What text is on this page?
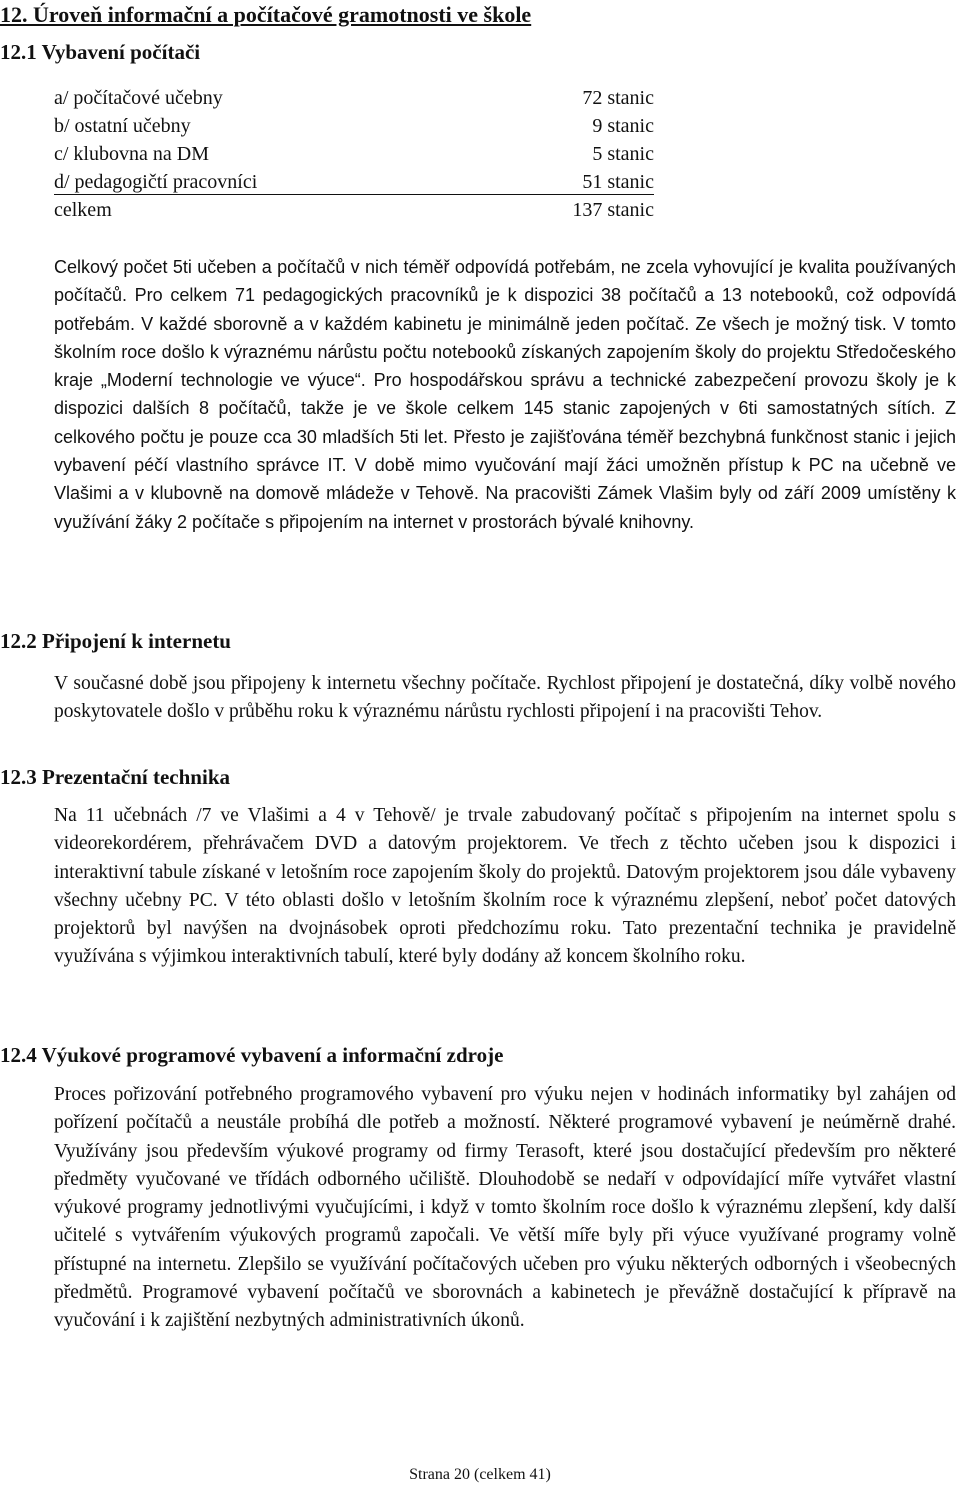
12. Úroveň informační a počítačové gramotnosti ve škole
12.1 Vybavení počítači
a/ počítačové učebny	72 stanic
b/ ostatní učebny	9 stanic
c/ klubovna na DM	5 stanic
d/ pedagogičtí pracovníci	51 stanic
celkem	137 stanic

Celkový počet 5ti učeben a počítačů v nich téměř odpovídá potřebám, ne zcela vyhovující je kvalita používaných počítačů. Pro celkem 71 pedagogických pracovníků je k dispozici 38 počítačů a 13 notebooků, což odpovídá potřebám. V každé sborovně a v každém kabinetu je minimálně jeden počítač. Ze všech je možný tisk. V tomto školním roce došlo k výraznému nárůstu počtu notebooků získaných zapojením školy do projektu Středočeského kraje „Moderní technologie ve výuce“. Pro hospodářskou správu a technické zabezpečení provozu školy je k dispozici dalších 8 počítačů, takže je ve škole celkem 145 stanic zapojených v 6ti samostatných sítích. Z celkového počtu je pouze cca 30 mladších 5ti let. Přesto je zajišťována téměř bezchybná funkčnost stanic i jejich vybavení péčí vlastního správce IT. V době mimo vyučování mají žáci umožněn přístup k PC na učebně ve Vlašimi a v klubovně na domově mládeže v Tehově. Na pracovišti Zámek Vlašim byly od září 2009 umístěny k využívání žáky 2 počítače s připojením na internet v prostorách bývalé knihovny.

12.2 Připojení k internetu

V současné době jsou připojeny k internetu všechny počítače. Rychlost připojení je dostatečná, díky volbě nového poskytovatele došlo v průběhu roku k výraznému nárůstu rychlosti připojení i na pracovišti Tehov.

12.3 Prezentační technika

Na 11 učebnách /7 ve Vlašimi a 4 v Tehově/ je trvale zabudovaný počítač s připojením na internet spolu s videorekordérem, přehrávačem DVD a datovým projektorem. Ve třech z těchto učeben jsou k dispozici i interaktivní tabule získané v letošním roce zapojením školy do projektů. Datovým projektorem jsou dále vybaveny všechny učebny PC. V této oblasti došlo v letošním školním roce k výraznému zlepšení, neboť počet datových projektorů byl navýšen na dvojnásobek oproti předchozímu roku. Tato prezentační technika je pravidelně využívána s výjimkou interaktivních tabulí, které byly dodány až koncem školního roku.

12.4 Výukové programové vybavení a informační zdroje

Proces pořizování potřebného programového vybavení pro výuku nejen v hodinách informatiky byl zahájen od pořízení počítačů a neustále probíhá dle potřeb a možností. Některé programové vybavení je neúměrně drahé. Využívány jsou především výukové programy od firmy Terasoft, které jsou dostačující především pro některé předměty vyučované ve třídách odborného učiliště. Dlouhodobě se nedaří v odpovídající míře vytvářet vlastní výukové programy jednotlivými vyučujícími, i když v tomto školním roce došlo k výraznému zlepšení, kdy další učitelé s vytvářením výukových programů započali. Ve větší míře byly při výuce využívané programy volně přístupné na internetu. Zlepšilo se využívání počítačových učeben pro výuku některých odborných i všeobecných předmětů. Programové vybavení počítačů ve sborovnách a kabinetech je převážně dostačující k přípravě na vyučování i k zajištění nezbytných administrativních úkonů.

Strana 20 (celkem 41)
